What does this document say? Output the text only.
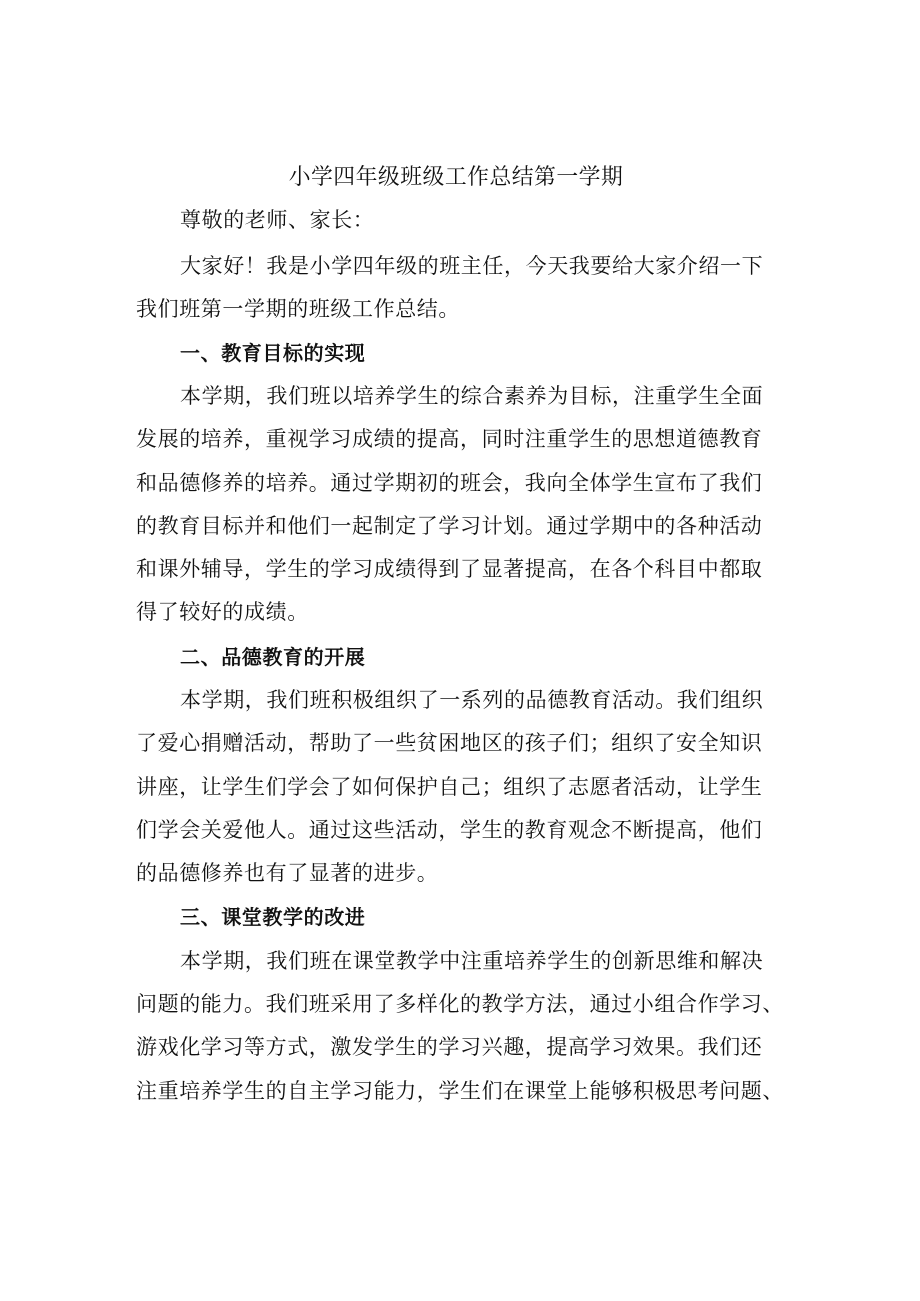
小学四年级班级工作总结第一学期
尊敬的老师、家长：
大家好！我是小学四年级的班主任，今天我要给大家介绍一下
我们班第一学期的班级工作总结。
一、教育目标的实现
本学期，我们班以培养学生的综合素养为目标，注重学生全面
发展的培养，重视学习成绩的提高，同时注重学生的思想道德教育
和品德修养的培养。通过学期初的班会，我向全体学生宣布了我们
的教育目标并和他们一起制定了学习计划。通过学期中的各种活动
和课外辅导，学生的学习成绩得到了显著提高，在各个科目中都取
得了较好的成绩。
二、品德教育的开展
本学期，我们班积极组织了一系列的品德教育活动。我们组织
了爱心捐赠活动，帮助了一些贫困地区的孩子们；组织了安全知识
讲座，让学生们学会了如何保护自己；组织了志愿者活动，让学生
们学会关爱他人。通过这些活动，学生的教育观念不断提高，他们
的品德修养也有了显著的进步。
三、课堂教学的改进
本学期，我们班在课堂教学中注重培养学生的创新思维和解决
问题的能力。我们班采用了多样化的教学方法，通过小组合作学习、
游戏化学习等方式，激发学生的学习兴趣，提高学习效果。我们还
注重培养学生的自主学习能力，学生们在课堂上能够积极思考问题、
